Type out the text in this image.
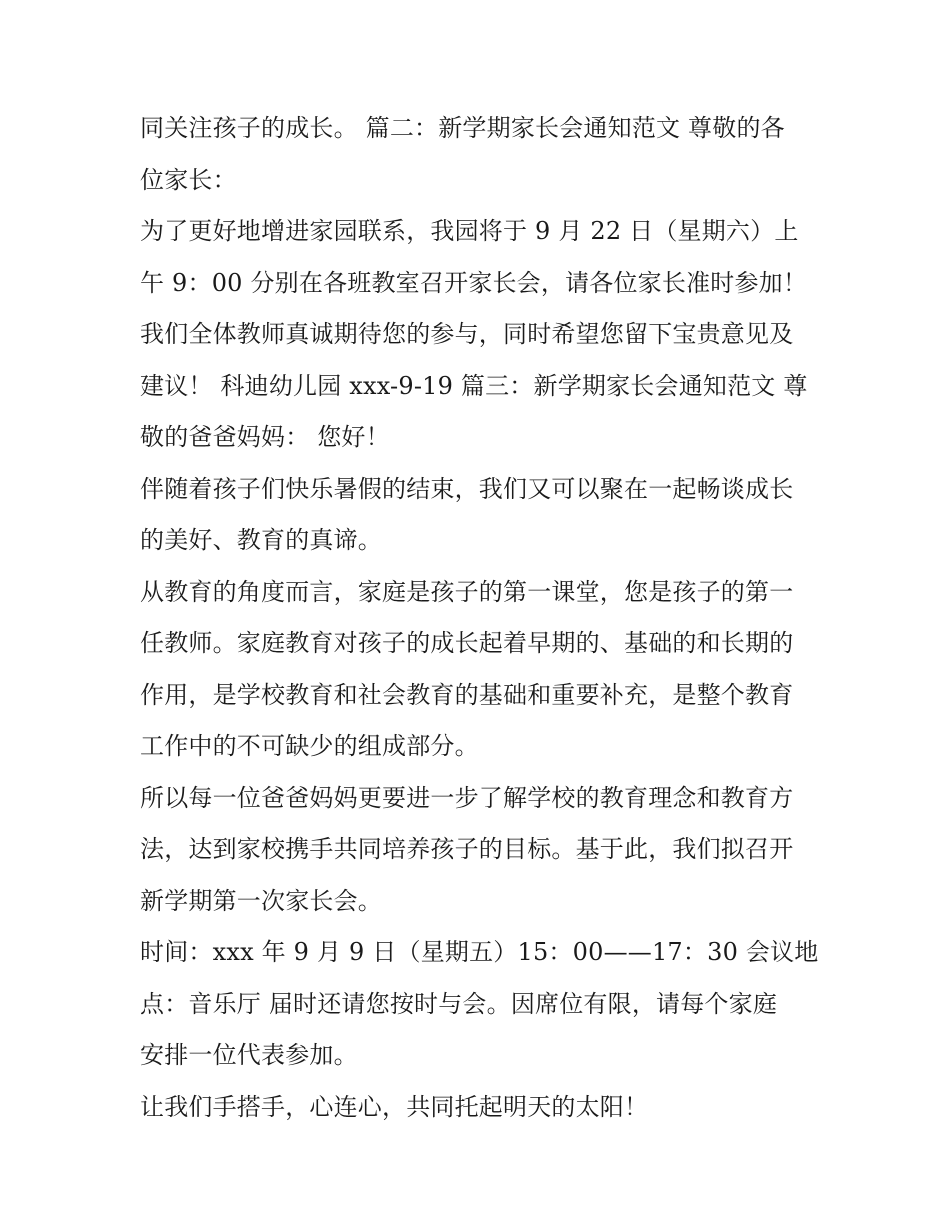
同关注孩子的成长。 篇二：新学期家长会通知范文 尊敬的各
位家长：
为了更好地增进家园联系，我园将于 9 月 22 日（星期六）上
午 9：00 分别在各班教室召开家长会，请各位家长准时参加！
我们全体教师真诚期待您的参与，同时希望您留下宝贵意见及
建议！ 科迪幼儿园 xxx-9-19 篇三：新学期家长会通知范文 尊
敬的爸爸妈妈： 您好！
伴随着孩子们快乐暑假的结束，我们又可以聚在一起畅谈成长
的美好、教育的真谛。
从教育的角度而言，家庭是孩子的第一课堂，您是孩子的第一
任教师。家庭教育对孩子的成长起着早期的、基础的和长期的
作用，是学校教育和社会教育的基础和重要补充，是整个教育
工作中的不可缺少的组成部分。
所以每一位爸爸妈妈更要进一步了解学校的教育理念和教育方
法，达到家校携手共同培养孩子的目标。基于此，我们拟召开
新学期第一次家长会。
时间：xxx 年 9 月 9 日（星期五）15：00——17：30 会议地
点：音乐厅 届时还请您按时与会。因席位有限，请每个家庭
安排一位代表参加。
让我们手搭手，心连心，共同托起明天的太阳！
